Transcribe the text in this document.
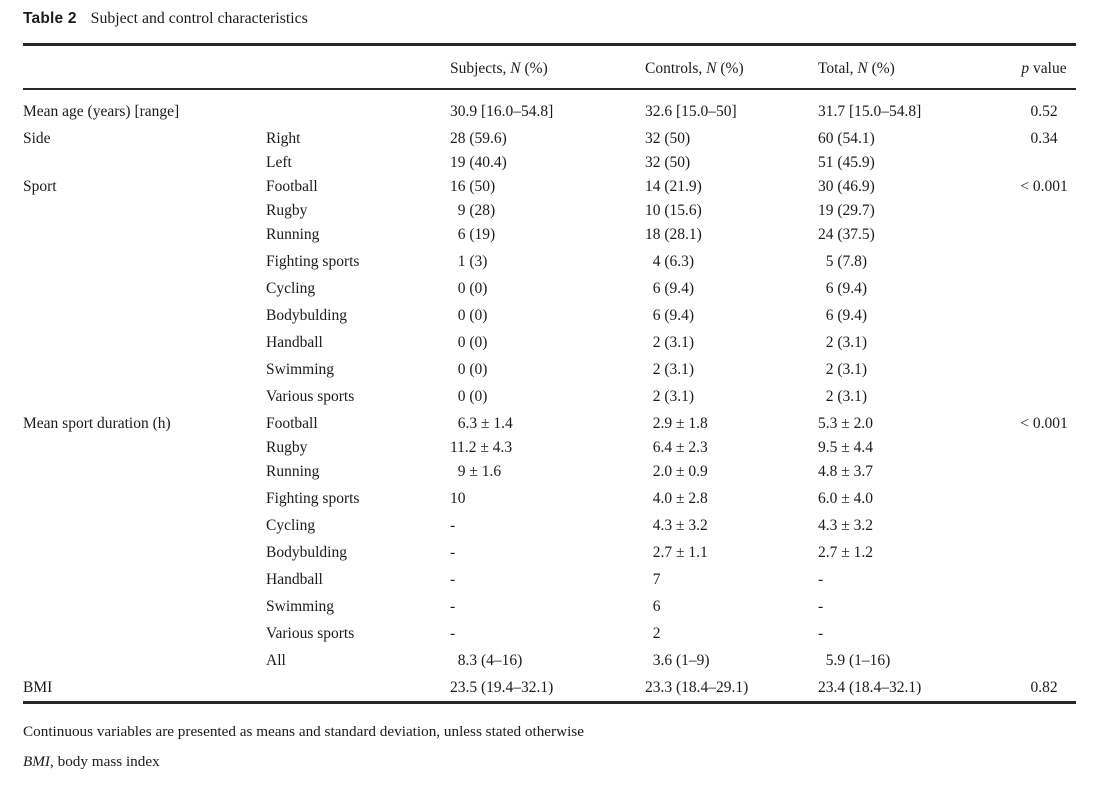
Table 2 Subject and control characteristics
		Subjects, N (%)	Controls, N (%)	Total, N (%)	p value
Mean age (years) [range]		30.9 [16.0–54.8]	32.6 [15.0–50]	31.7 [15.0–54.8]	0.52
Side	Right	28 (59.6)	32 (50)	60 (54.1)	0.34
	Left	19 (40.4)	32 (50)	51 (45.9)	
Sport	Football	16 (50)	14 (21.9)	30 (46.9)	< 0.001
	Rugby	9 (28)	10 (15.6)	19 (29.7)	
	Running	6 (19)	18 (28.1)	24 (37.5)	
	Fighting sports	1 (3)	4 (6.3)	5 (7.8)	
	Cycling	0 (0)	6 (9.4)	6 (9.4)	
	Bodybulding	0 (0)	6 (9.4)	6 (9.4)	
	Handball	0 (0)	2 (3.1)	2 (3.1)	
	Swimming	0 (0)	2 (3.1)	2 (3.1)	
	Various sports	0 (0)	2 (3.1)	2 (3.1)	
Mean sport duration (h)	Football	6.3 ± 1.4	2.9 ± 1.8	5.3 ± 2.0	< 0.001
	Rugby	11.2 ± 4.3	6.4 ± 2.3	9.5 ± 4.4	
	Running	9 ± 1.6	2.0 ± 0.9	4.8 ± 3.7	
	Fighting sports	10	4.0 ± 2.8	6.0 ± 4.0	
	Cycling	-	4.3 ± 3.2	4.3 ± 3.2	
	Bodybulding	-	2.7 ± 1.1	2.7 ± 1.2	
	Handball	-	7	-	
	Swimming	-	6	-	
	Various sports	-	2	-	
	All	8.3 (4–16)	3.6 (1–9)	5.9 (1–16)	
BMI		23.5 (19.4–32.1)	23.3 (18.4–29.1)	23.4 (18.4–32.1)	0.82
Continuous variables are presented as means and standard deviation, unless stated otherwise
BMI, body mass index
